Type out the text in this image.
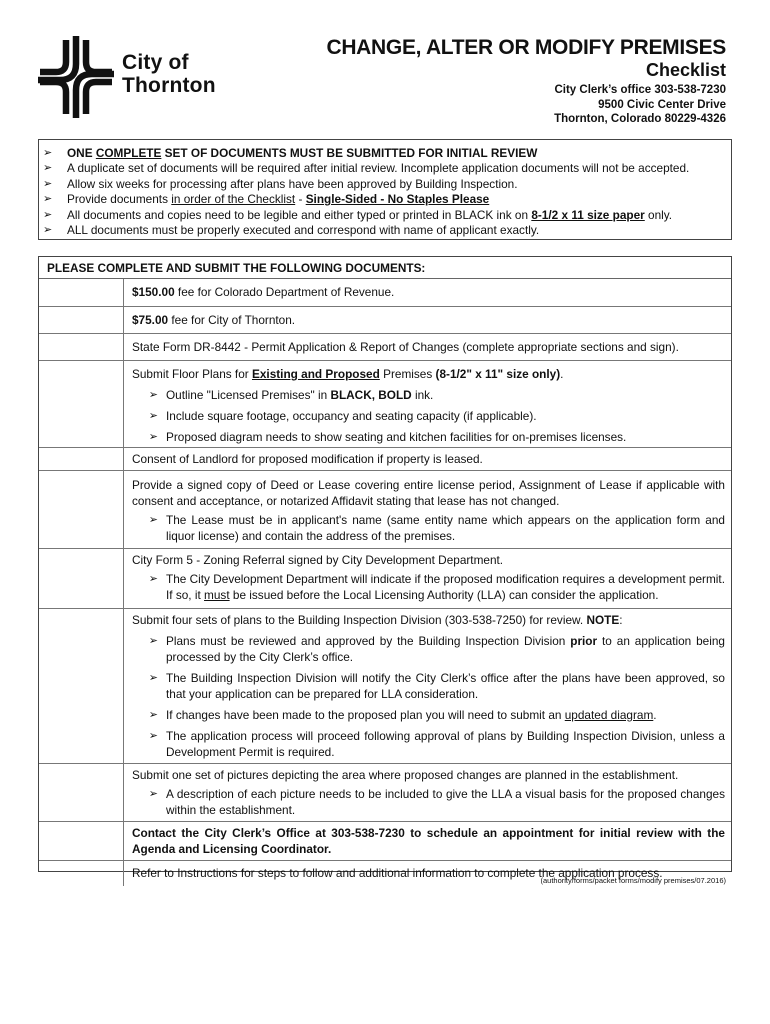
City of
Thornton
CHANGE, ALTER OR MODIFY PREMISES
Checklist
City Clerk’s office 303-538-7230
9500 Civic Center Drive
Thornton, Colorado 80229-4326
➢	ONE COMPLETE SET OF DOCUMENTS MUST BE SUBMITTED FOR INITIAL REVIEW
➢	A duplicate set of documents will be required after initial review. Incomplete application documents will not be accepted.
➢	Allow six weeks for processing after plans have been approved by Building Inspection.
➢	Provide documents in order of the Checklist - Single-Sided - No Staples Please
➢	All documents and copies need to be legible and either typed or printed in BLACK ink on 8-1/2 x 11 size paper only.
➢	ALL documents must be properly executed and correspond with name of applicant exactly.
PLEASE COMPLETE AND SUBMIT THE FOLLOWING DOCUMENTS:
$150.00 fee for Colorado Department of Revenue.
$75.00 fee for City of Thornton.
State Form DR-8442 - Permit Application & Report of Changes (complete appropriate sections and sign).
Submit Floor Plans for Existing and Proposed Premises (8-1/2" x 11" size only).
➢ Outline "Licensed Premises" in BLACK, BOLD ink.
➢ Include square footage, occupancy and seating capacity (if applicable).
➢ Proposed diagram needs to show seating and kitchen facilities for on-premises licenses.
Consent of Landlord for proposed modification if property is leased.
Provide a signed copy of Deed or Lease covering entire license period, Assignment of Lease if applicable with consent and acceptance, or notarized Affidavit stating that lease has not changed.
➢ The Lease must be in applicant's name (same entity name which appears on the application form and liquor license) and contain the address of the premises.
City Form 5 - Zoning Referral signed by City Development Department.
➢ The City Development Department will indicate if the proposed modification requires a development permit. If so, it must be issued before the Local Licensing Authority (LLA) can consider the application.
Submit four sets of plans to the Building Inspection Division (303-538-7250) for review. NOTE:
➢ Plans must be reviewed and approved by the Building Inspection Division prior to an application being processed by the City Clerk’s office.
➢ The Building Inspection Division will notify the City Clerk’s office after the plans have been approved, so that your application can be prepared for LLA consideration.
➢ If changes have been made to the proposed plan you will need to submit an updated diagram.
➢ The application process will proceed following approval of plans by Building Inspection Division, unless a Development Permit is required.
Submit one set of pictures depicting the area where proposed changes are planned in the establishment.
➢ A description of each picture needs to be included to give the LLA a visual basis for the proposed changes within the establishment.
Contact the City Clerk’s Office at 303-538-7230 to schedule an appointment for initial review with the Agenda and Licensing Coordinator.
Refer to Instructions for steps to follow and additional information to complete the application process.
(authority/forms/packet forms/modify premises/07.2016)
